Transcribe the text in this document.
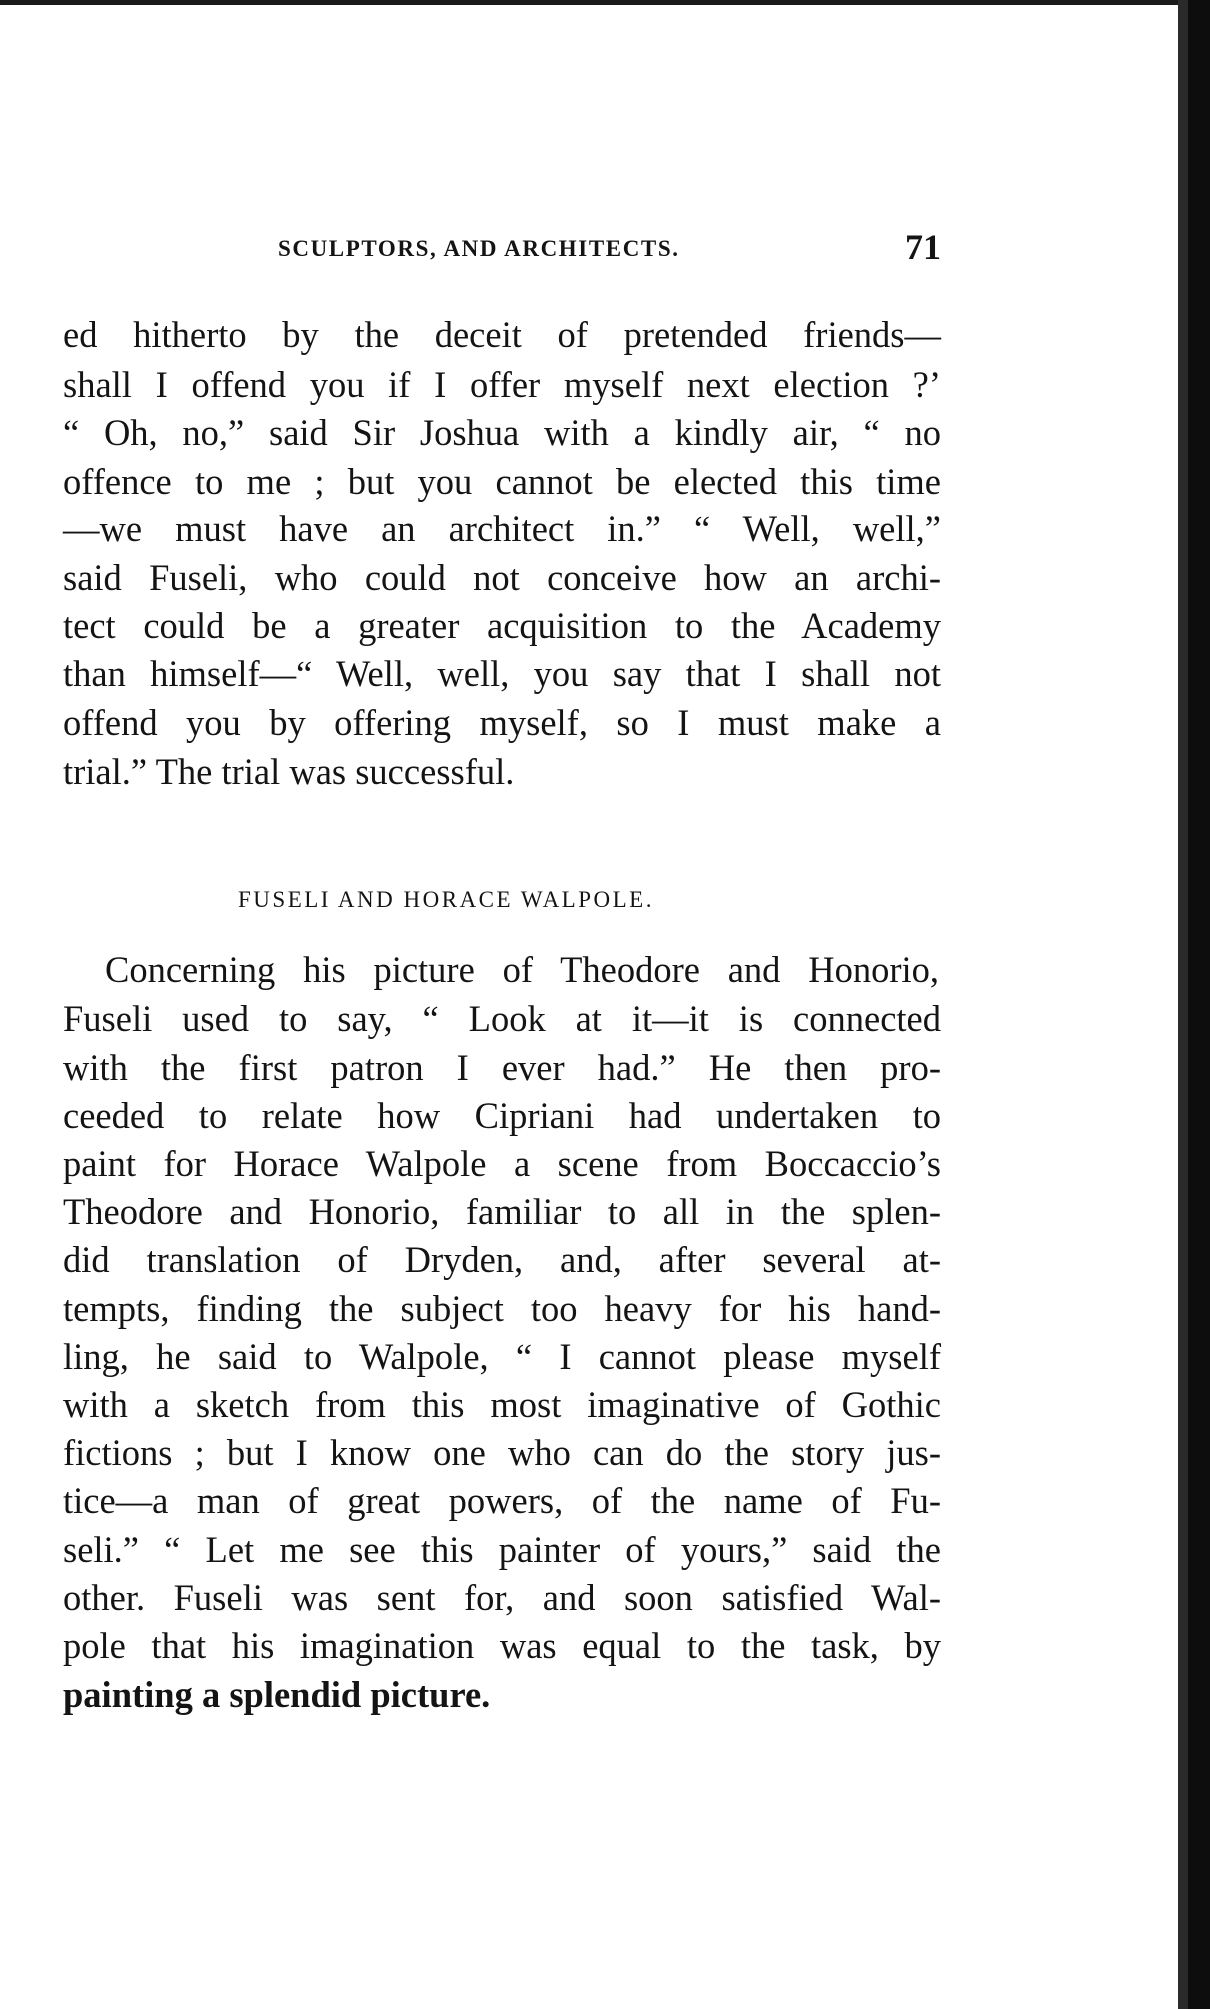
SCULPTORS, AND ARCHITECTS.	71
ed hitherto by the deceit of pretended friends—
shall I offend you if I offer myself next election ?’
“ Oh, no,” said Sir Joshua with a kindly air, “ no
offence to me ; but you cannot be elected this time
—we must have an architect in.” “ Well, well,”
said Fuseli, who could not conceive how an archi-
tect could be a greater acquisition to the Academy
than himself—“ Well, well, you say that I shall not
offend you by offering myself, so I must make a
trial.” The trial was successful.
FUSELI AND HORACE WALPOLE.
Concerning his picture of Theodore and Honorio,
Fuseli used to say, “ Look at it—it is connected
with the first patron I ever had.” He then pro-
ceeded to relate how Cipriani had undertaken to
paint for Horace Walpole a scene from Boccaccio’s
Theodore and Honorio, familiar to all in the splen-
did translation of Dryden, and, after several at-
tempts, finding the subject too heavy for his hand-
ling, he said to Walpole, “ I cannot please myself
with a sketch from this most imaginative of Gothic
fictions ; but I know one who can do the story jus-
tice—a man of great powers, of the name of Fu-
seli.” “ Let me see this painter of yours,” said the
other. Fuseli was sent for, and soon satisfied Wal-
pole that his imagination was equal to the task, by
painting a splendid picture.
